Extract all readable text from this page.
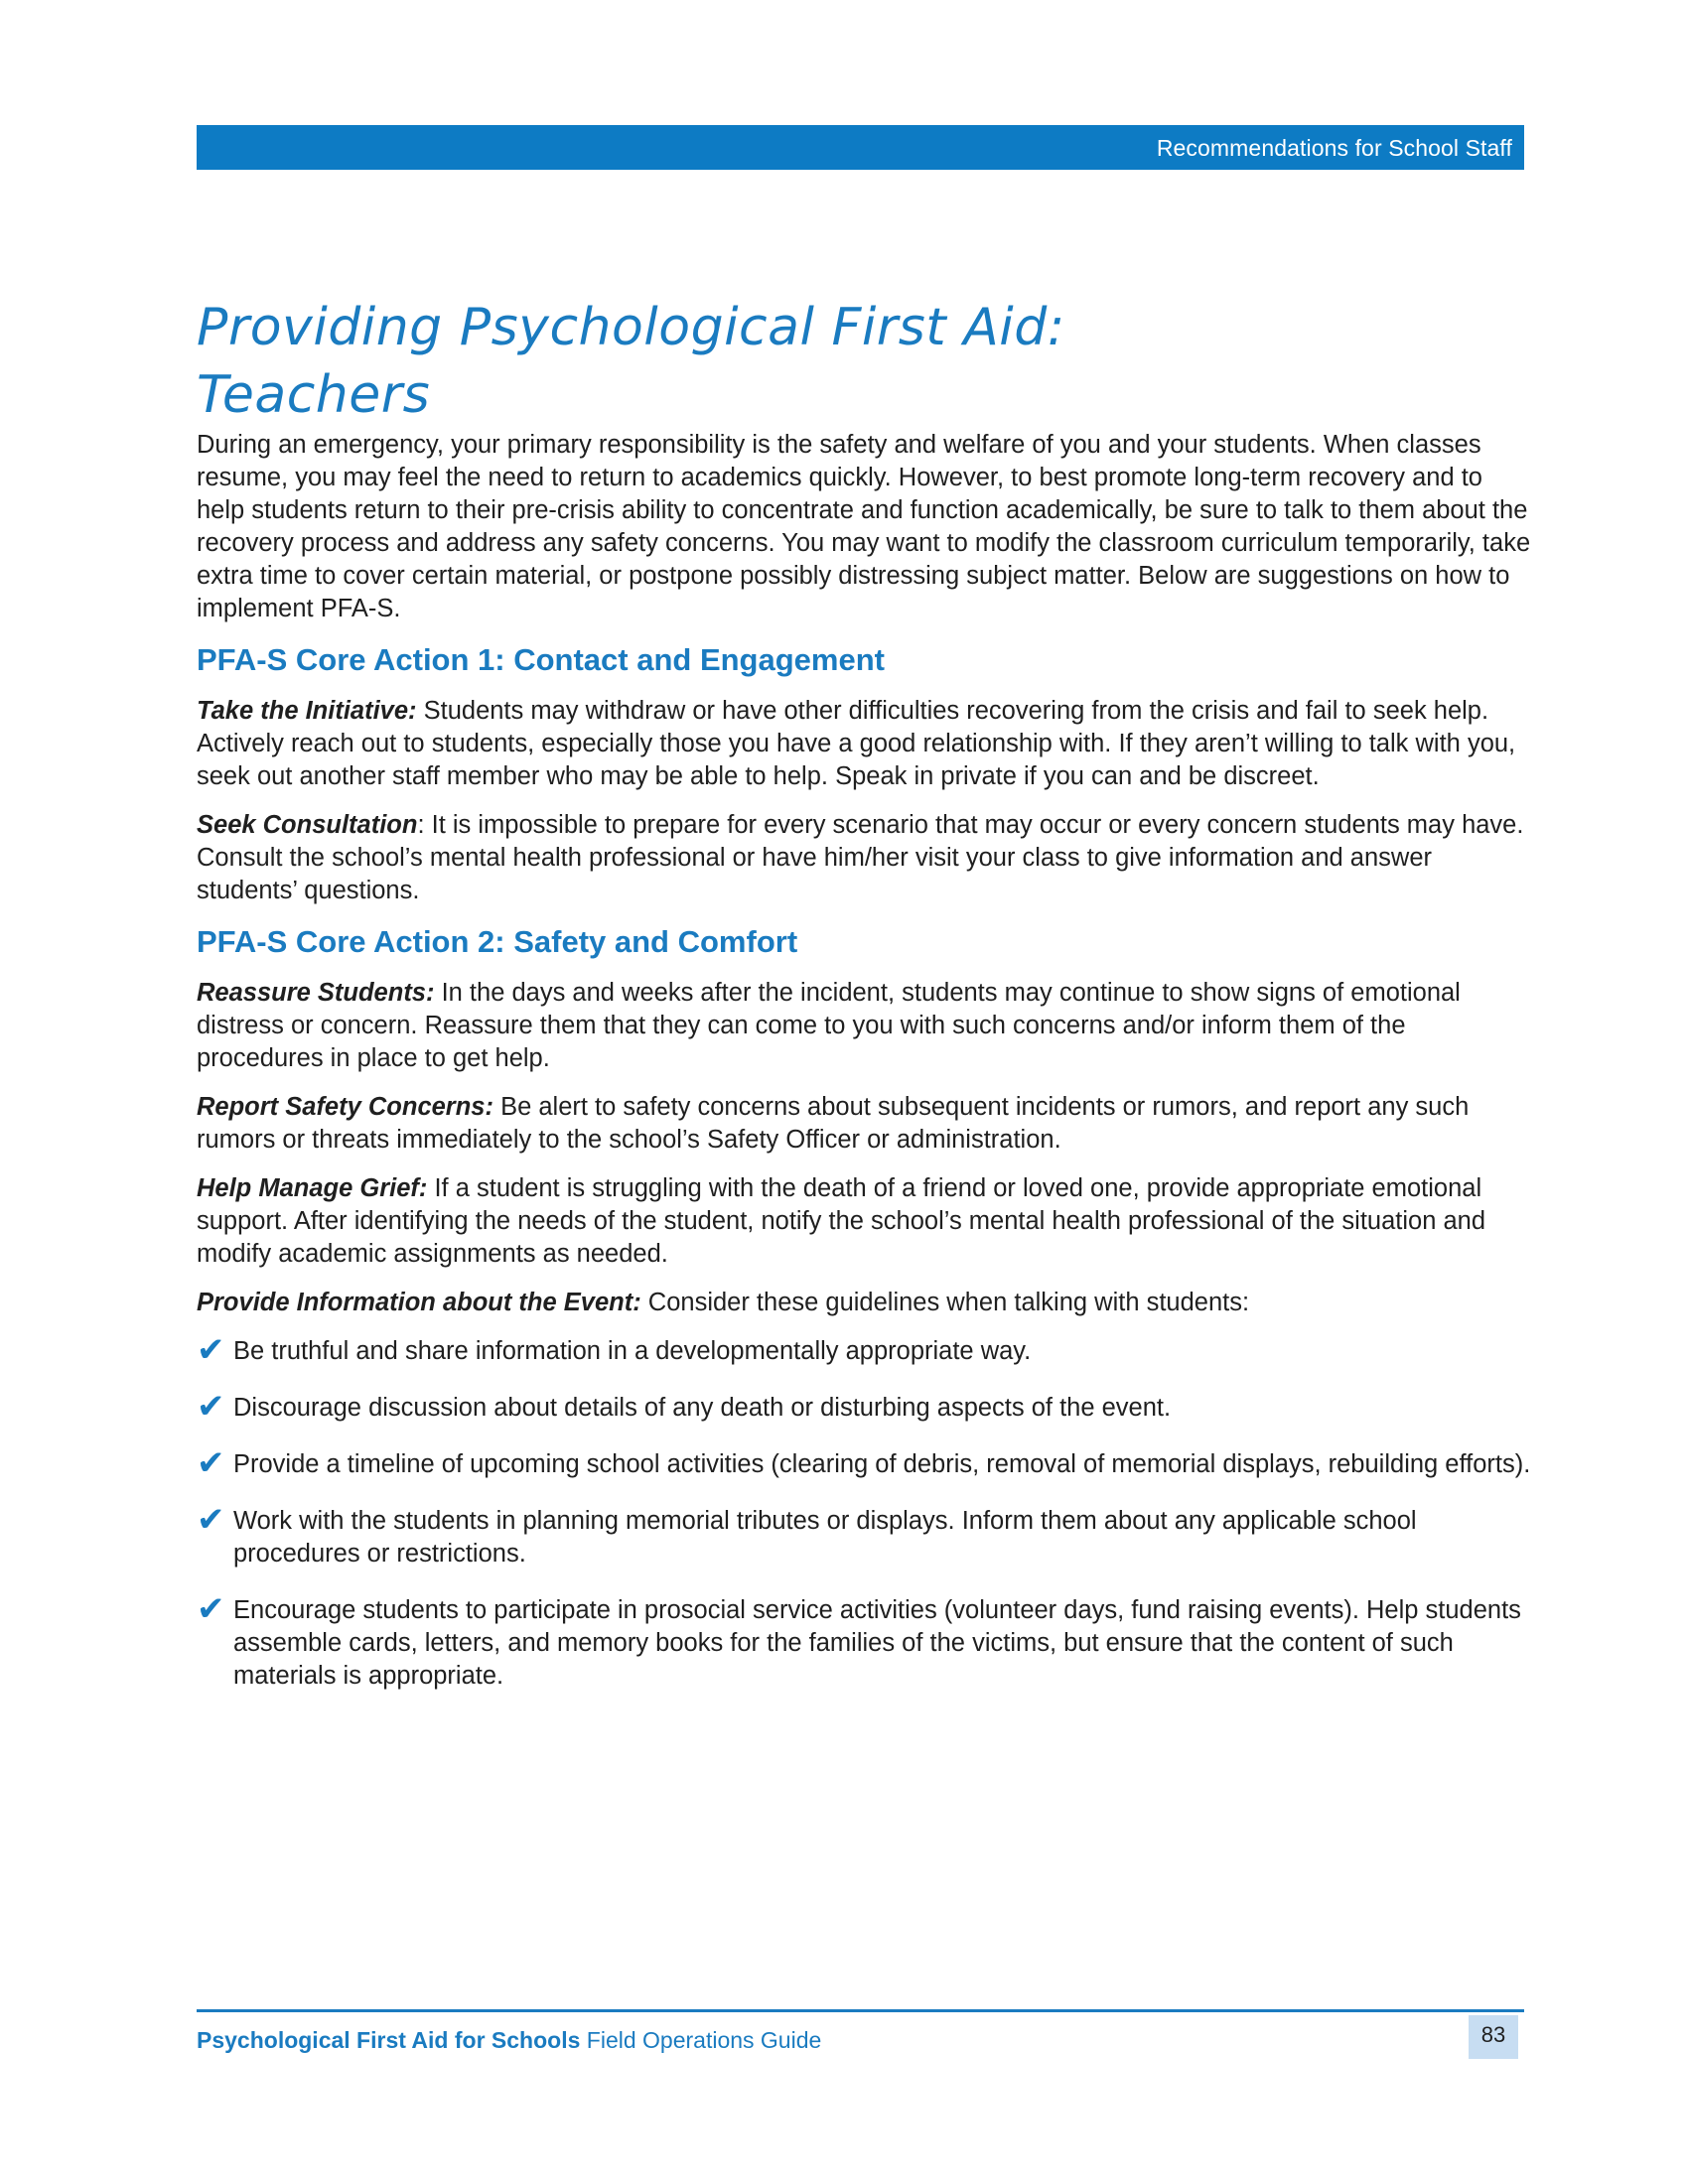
Recommendations for School Staff
Providing Psychological First Aid:
Teachers

During an emergency, your primary responsibility is the safety and welfare of you and your students. When classes resume, you may feel the need to return to academics quickly. However, to best promote long-term recovery and to help students return to their pre-crisis ability to concentrate and function academically, be sure to talk to them about the recovery process and address any safety concerns. You may want to modify the classroom curriculum temporarily, take extra time to cover certain material, or postpone possibly distressing subject matter. Below are suggestions on how to implement PFA-S.

PFA-S Core Action 1: Contact and Engagement

Take the Initiative: Students may withdraw or have other difficulties recovering from the crisis and fail to seek help. Actively reach out to students, especially those you have a good relationship with. If they aren’t willing to talk with you, seek out another staff member who may be able to help. Speak in private if you can and be discreet.

Seek Consultation: It is impossible to prepare for every scenario that may occur or every concern students may have. Consult the school’s mental health professional or have him/her visit your class to give information and answer students’ questions.

PFA-S Core Action 2: Safety and Comfort

Reassure Students: In the days and weeks after the incident, students may continue to show signs of emotional distress or concern. Reassure them that they can come to you with such concerns and/or inform them of the procedures in place to get help.

Report Safety Concerns: Be alert to safety concerns about subsequent incidents or rumors, and report any such rumors or threats immediately to the school’s Safety Officer or administration.

Help Manage Grief: If a student is struggling with the death of a friend or loved one, provide appropriate emotional support. After identifying the needs of the student, notify the school’s mental health professional of the situation and modify academic assignments as needed.

Provide Information about the Event: Consider these guidelines when talking with students:

✔ Be truthful and share information in a developmentally appropriate way.
✔ Discourage discussion about details of any death or disturbing aspects of the event.
✔ Provide a timeline of upcoming school activities (clearing of debris, removal of memorial displays, rebuilding efforts).
✔ Work with the students in planning memorial tributes or displays. Inform them about any applicable school procedures or restrictions.
✔ Encourage students to participate in prosocial service activities (volunteer days, fund raising events). Help students assemble cards, letters, and memory books for the families of the victims, but ensure that the content of such materials is appropriate.
Psychological First Aid for Schools Field Operations Guide	83
